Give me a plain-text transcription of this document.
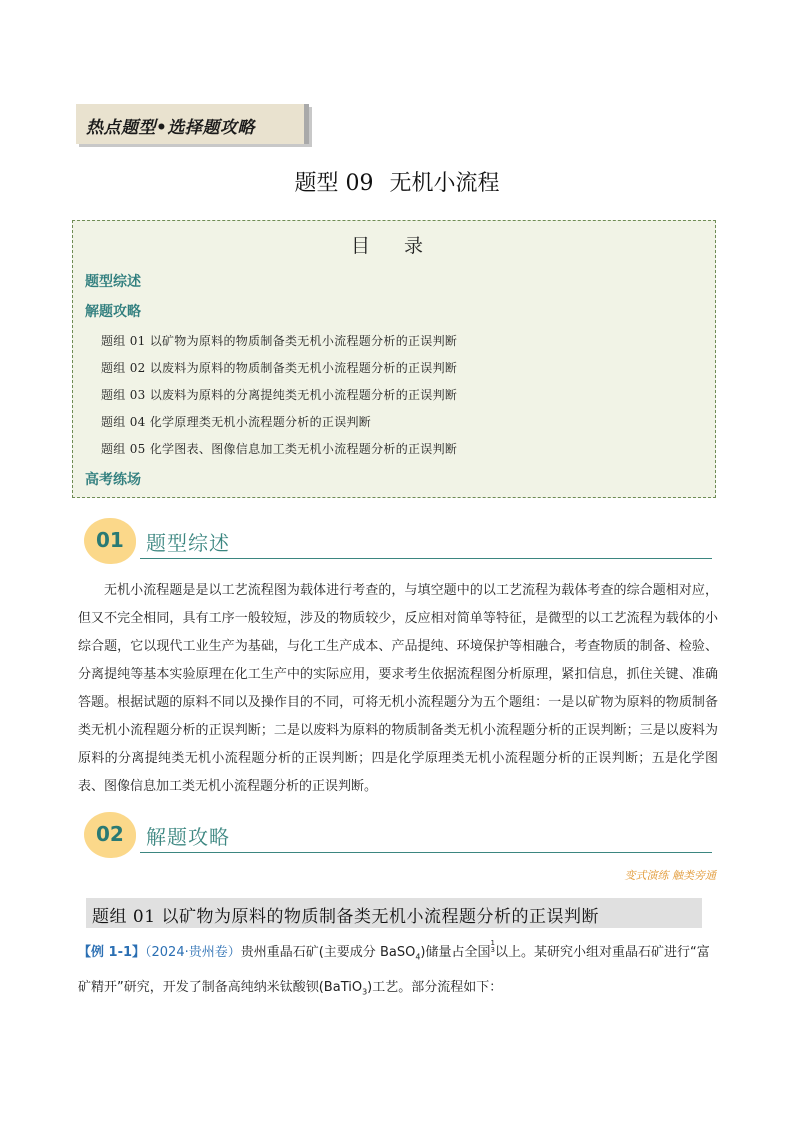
热点题型•选择题攻略
题型 09 无机小流程
目 录
题型综述
解题攻略
题组 01 以矿物为原料的物质制备类无机小流程题分析的正误判断
题组 02 以废料为原料的物质制备类无机小流程题分析的正误判断
题组 03 以废料为原料的分离提纯类无机小流程题分析的正误判断
题组 04 化学原理类无机小流程题分析的正误判断
题组 05 化学图表、图像信息加工类无机小流程题分析的正误判断
高考练场
01 题型综述

无机小流程题是是以工艺流程图为载体进行考查的，与填空题中的以工艺流程为载体考查的综合题相对应，但又不完全相同，具有工序一般较短，涉及的物质较少，反应相对简单等特征，是微型的以工艺流程为载体的小综合题，它以现代工业生产为基础，与化工生产成本、产品提纯、环境保护等相融合，考查物质的制备、检验、分离提纯等基本实验原理在化工生产中的实际应用，要求考生依据流程图分析原理，紧扣信息，抓住关键、准确答题。根据试题的原料不同以及操作目的不同，可将无机小流程题分为五个题组：一是以矿物为原料的物质制备类无机小流程题分析的正误判断；二是以废料为原料的物质制备类无机小流程题分析的正误判断；三是以废料为原料的分离提纯类无机小流程题分析的正误判断；四是化学原理类无机小流程题分析的正误判断；五是化学图表、图像信息加工类无机小流程题分析的正误判断。

02 解题攻略
变式演练 触类旁通
题组 01 以矿物为原料的物质制备类无机小流程题分析的正误判断
【例 1-1】（2024·贵州卷）贵州重晶石矿(主要成分 BaSO$_4$)储量占全国1
3以上。某研究小组对重晶石矿进行“富矿精开”研究，开发了制备高纯纳米钛酸钡(BaTiO$_3$)工艺。部分流程如下：
